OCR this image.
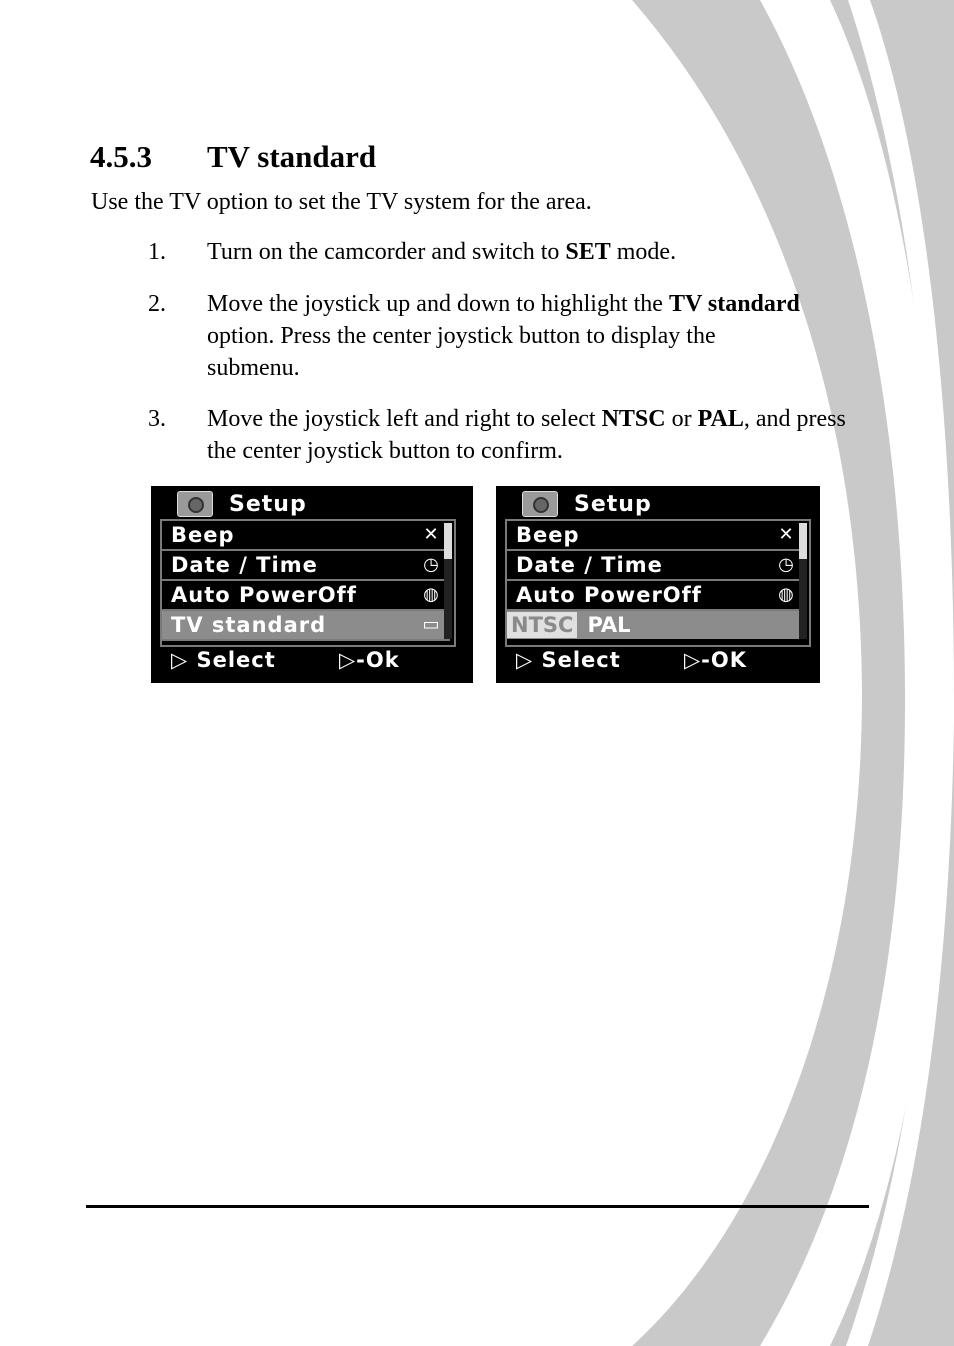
4.5.3 TV standard
Use the TV option to set the TV system for the area.
1. Turn on the camcorder and switch to SET mode.
2. Move the joystick up and down to highlight the TV standard option. Press the center joystick button to display the submenu.
3. Move the joystick left and right to select NTSC or PAL, and press the center joystick button to confirm.
Setup
Beep	✕
Date / Time	◷
Auto PowerOff	◍
TV standard	▭
▷ Select	▷-Ok
Setup
Beep	✕
Date / Time	◷
Auto PowerOff	◍
NTSC PAL
▷ Select	▷-OK
